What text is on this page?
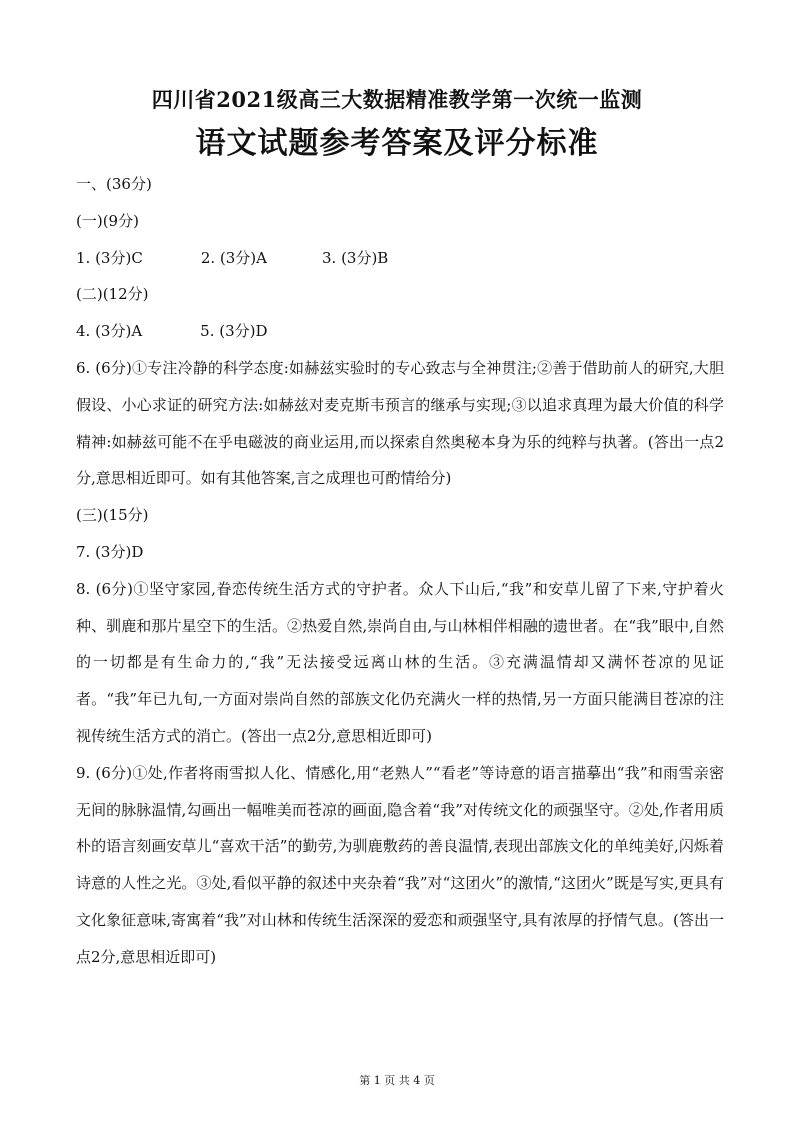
四川省2021级高三大数据精准教学第一次统一监测
语文试题参考答案及评分标准
一、(36分)
(一)(9分)
1. (3分)C	2. (3分)A	3. (3分)B
(二)(12分)
4. (3分)A	5. (3分)D

6. (6分)①专注冷静的科学态度:如赫兹实验时的专心致志与全神贯注;②善于借助前人的研究,大胆假设、小心求证的研究方法:如赫兹对麦克斯韦预言的继承与实现;③以追求真理为最大价值的科学精神:如赫兹可能不在乎电磁波的商业运用,而以探索自然奥秘本身为乐的纯粹与执著。(答出一点2分,意思相近即可。如有其他答案,言之成理也可酌情给分)

(三)(15分)
7. (3分)D

8. (6分)①坚守家园,眷恋传统生活方式的守护者。众人下山后,“我”和安草儿留了下来,守护着火种、驯鹿和那片星空下的生活。②热爱自然,崇尚自由,与山林相伴相融的遗世者。在“我”眼中,自然的一切都是有生命力的,“我”无法接受远离山林的生活。③充满温情却又满怀苍凉的见证者。“我”年已九旬,一方面对崇尚自然的部族文化仍充满火一样的热情,另一方面只能满目苍凉的注视传统生活方式的消亡。(答出一点2分,意思相近即可)

9. (6分)①处,作者将雨雪拟人化、情感化,用“老熟人”“看老”等诗意的语言描摹出“我”和雨雪亲密无间的脉脉温情,勾画出一幅唯美而苍凉的画面,隐含着“我”对传统文化的顽强坚守。②处,作者用质朴的语言刻画安草儿“喜欢干活”的勤劳,为驯鹿敷药的善良温情,表现出部族文化的单纯美好,闪烁着诗意的人性之光。③处,看似平静的叙述中夹杂着“我”对“这团火”的激情,“这团火”既是写实,更具有文化象征意味,寄寓着“我”对山林和传统生活深深的爱恋和顽强坚守,具有浓厚的抒情气息。(答出一点2分,意思相近即可)

第 1 页 共 4 页
